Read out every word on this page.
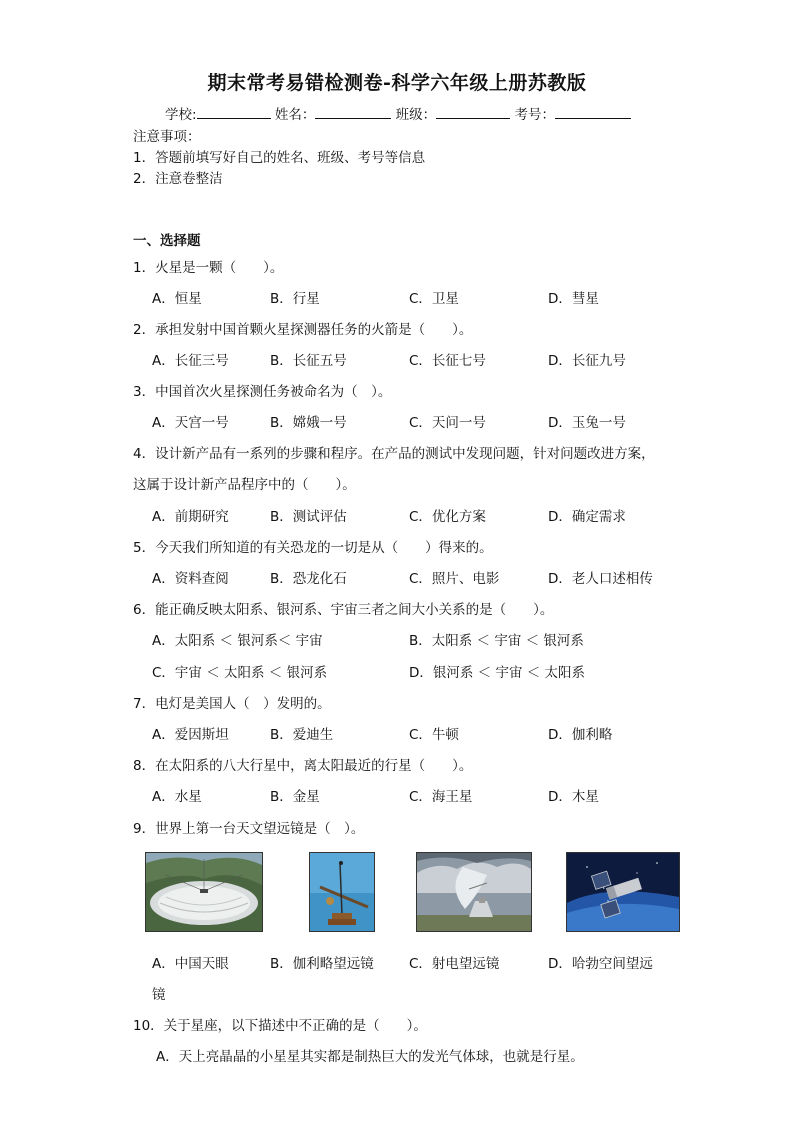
期末常考易错检测卷-科学六年级上册苏教版
学校:	姓名：	班级：	考号：
注意事项：
1．答题前填写好自己的姓名、班级、考号等信息
2．注意卷整洁
一、选择题
1．火星是一颗（　　）。
A．恒星	B．行星	C．卫星	D．彗星
2．承担发射中国首颗火星探测器任务的火箭是（　　）。
A．长征三号	B．长征五号	C．长征七号	D．长征九号
3．中国首次火星探测任务被命名为（　）。
A．天宫一号	B．嫦娥一号	C．天问一号	D．玉兔一号
4．设计新产品有一系列的步骤和程序。在产品的测试中发现问题，针对问题改进方案，
这属于设计新产品程序中的（　　）。
A．前期研究	B．测试评估	C．优化方案	D．确定需求
5．今天我们所知道的有关恐龙的一切是从（　　）得来的。
A．资料查阅	B．恐龙化石	C．照片、电影	D．老人口述相传
6．能正确反映太阳系、银河系、宇宙三者之间大小关系的是（　　）。
A．太阳系 ＜ 银河系＜ 宇宙	B．太阳系 ＜ 宇宙 ＜ 银河系
C．宇宙 ＜ 太阳系 ＜ 银河系	D．银河系 ＜ 宇宙 ＜ 太阳系
7．电灯是美国人（　）发明的。
A．爱因斯坦	B．爱迪生	C．牛顿	D．伽利略
8．在太阳系的八大行星中，离太阳最近的行星（　　）。
A．水星	B．金星	C．海王星	D．木星
9．世界上第一台天文望远镜是（　）。
A．中国天眼	B．伽利略望远镜	C．射电望远镜	D．哈勃空间望远
镜
10．关于星座，以下描述中不正确的是（　　）。
A．天上亮晶晶的小星星其实都是制热巨大的发光气体球，也就是行星。
